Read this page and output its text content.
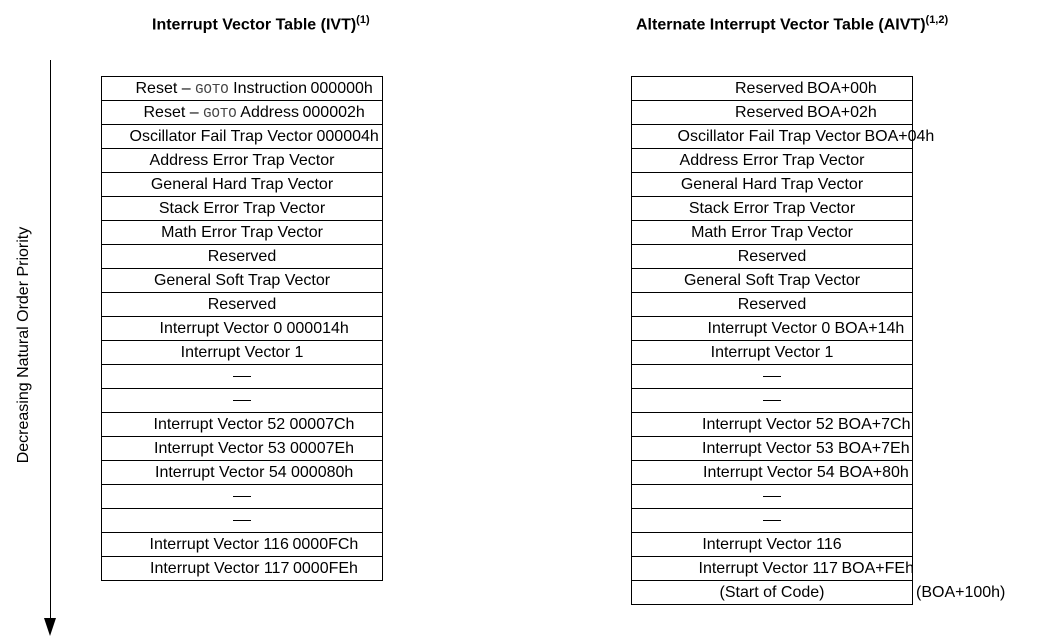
Interrupt Vector Table (IVT)$^{(1)}$	Alternate Interrupt Vector Table (AIVT)$^{(1,2)}$
Decreasing Natural Order Priority
Reset – GOTO Instruction 000000h
Reset – GOTO Address 000002h
Oscillator Fail Trap Vector 000004h
Address Error Trap Vector
General Hard Trap Vector
Stack Error Trap Vector
Math Error Trap Vector
Reserved
General Soft Trap Vector
Reserved
Interrupt Vector 0 000014h
Interrupt Vector 1
Interrupt Vector 52 00007Ch
Interrupt Vector 53 00007Eh
Interrupt Vector 54 000080h
Interrupt Vector 116 0000FCh
Interrupt Vector 117 0000FEh
Reserved BOA+00h
Reserved BOA+02h
Oscillator Fail Trap Vector BOA+04h
Address Error Trap Vector
General Hard Trap Vector
Stack Error Trap Vector
Math Error Trap Vector
Reserved
General Soft Trap Vector
Reserved
Interrupt Vector 0 BOA+14h
Interrupt Vector 1
Interrupt Vector 52 BOA+7Ch
Interrupt Vector 53 BOA+7Eh
Interrupt Vector 54 BOA+80h
Interrupt Vector 116
Interrupt Vector 117 BOA+FEh
(Start of Code)	(BOA+100h)
